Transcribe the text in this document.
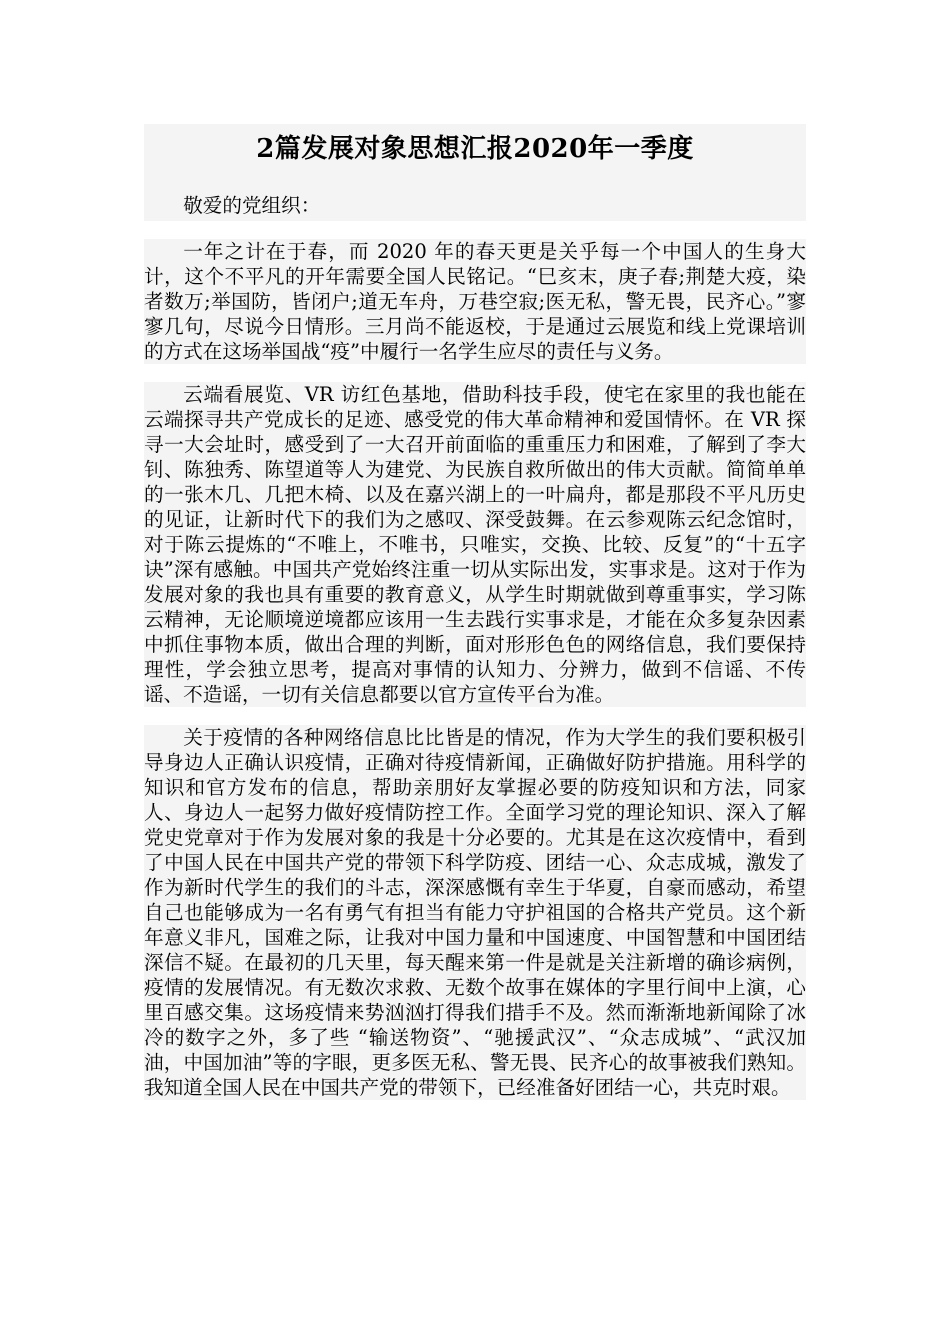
2篇发展对象思想汇报2020年一季度

敬爱的党组织：

一年之计在于春，而 2020 年的春天更是关乎每一个中国人的生身大计，这个不平凡的开年需要全国人民铭记。“巳亥末，庚子春;荆楚大疫，染者数万;举国防，皆闭户;道无车舟，万巷空寂;医无私，警无畏，民齐心。”寥寥几句，尽说今日情形。三月尚不能返校，于是通过云展览和线上党课培训的方式在这场举国战“疫”中履行一名学生应尽的责任与义务。

云端看展览、VR 访红色基地，借助科技手段，使宅在家里的我也能在云端探寻共产党成长的足迹、感受党的伟大革命精神和爱国情怀。在 VR 探寻一大会址时，感受到了一大召开前面临的重重压力和困难，了解到了李大钊、陈独秀、陈望道等人为建党、为民族自救所做出的伟大贡献。简简单单的一张木几、几把木椅、以及在嘉兴湖上的一叶扁舟，都是那段不平凡历史的见证，让新时代下的我们为之感叹、深受鼓舞。在云参观陈云纪念馆时，对于陈云提炼的“不唯上，不唯书，只唯实，交换、比较、反复”的“十五字诀”深有感触。中国共产党始终注重一切从实际出发，实事求是。这对于作为发展对象的我也具有重要的教育意义，从学生时期就做到尊重事实，学习陈云精神，无论顺境逆境都应该用一生去践行实事求是，才能在众多复杂因素中抓住事物本质，做出合理的判断，面对形形色色的网络信息，我们要保持理性，学会独立思考，提高对事情的认知力、分辨力，做到不信谣、不传谣、不造谣，一切有关信息都要以官方宣传平台为准。

关于疫情的各种网络信息比比皆是的情况，作为大学生的我们要积极引导身边人正确认识疫情，正确对待疫情新闻，正确做好防护措施。用科学的知识和官方发布的信息，帮助亲朋好友掌握必要的防疫知识和方法，同家人、身边人一起努力做好疫情防控工作。全面学习党的理论知识、深入了解党史党章对于作为发展对象的我是十分必要的。尤其是在这次疫情中，看到了中国人民在中国共产党的带领下科学防疫、团结一心、众志成城，激发了作为新时代学生的我们的斗志，深深感慨有幸生于华夏，自豪而感动，希望自己也能够成为一名有勇气有担当有能力守护祖国的合格共产党员。这个新年意义非凡，国难之际，让我对中国力量和中国速度、中国智慧和中国团结深信不疑。在最初的几天里，每天醒来第一件是就是关注新增的确诊病例，疫情的发展情况。有无数次求救、无数个故事在媒体的字里行间中上演，心里百感交集。这场疫情来势汹汹打得我们措手不及。然而渐渐地新闻除了冰冷的数字之外，多了些 “输送物资”、“驰援武汉”、“众志成城”、“武汉加油，中国加油”等的字眼，更多医无私、警无畏、民齐心的故事被我们熟知。我知道全国人民在中国共产党的带领下，已经准备好团结一心，共克时艰。
